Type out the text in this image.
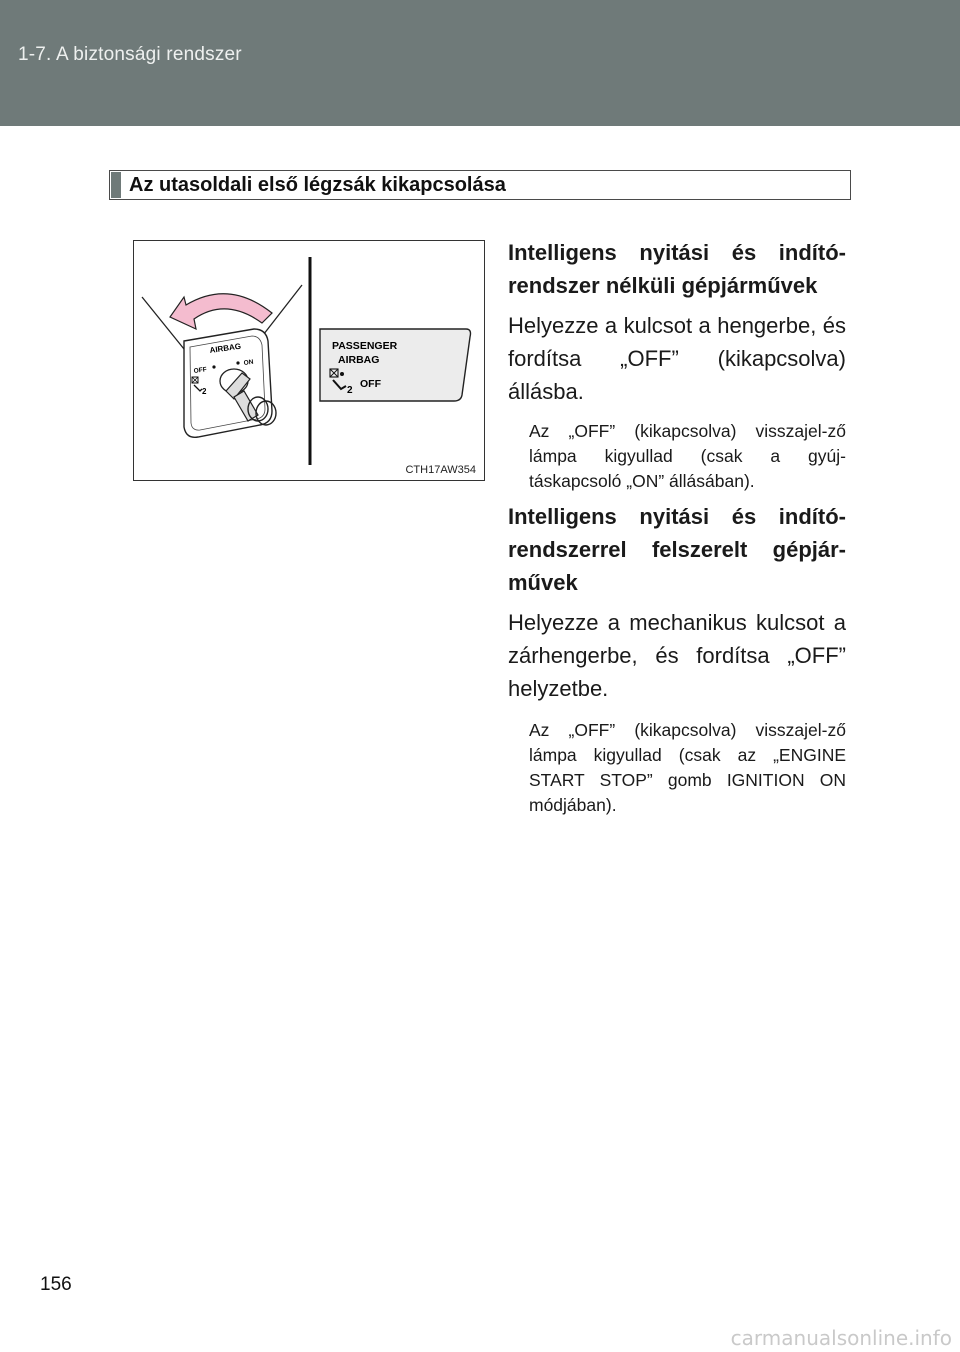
1-7. A biztonsági rendszer
Az utasoldali első légzsák kikapcsolása
AIRBAG
OFF
ON
2
PASSENGER
AIRBAG
2
OFF
CTH17AW354
Intelligens nyitási és indító-rendszer nélküli gépjárművek
Helyezze a kulcsot a hengerbe, és fordítsa „OFF” (kikapcsolva) állásba.
Az „OFF” (kikapcsolva) visszajel-ző lámpa kigyullad (csak a gyúj-táskapcsoló „ON” állásában).
Intelligens nyitási és indító-rendszerrel felszerelt gépjár-művek
Helyezze a mechanikus kulcsot a zárhengerbe, és fordítsa „OFF” helyzetbe.
Az „OFF” (kikapcsolva) visszajel-ző lámpa kigyullad (csak az „ENGINE START STOP” gomb IGNITION ON módjában).
156
carmanualsonline.info
